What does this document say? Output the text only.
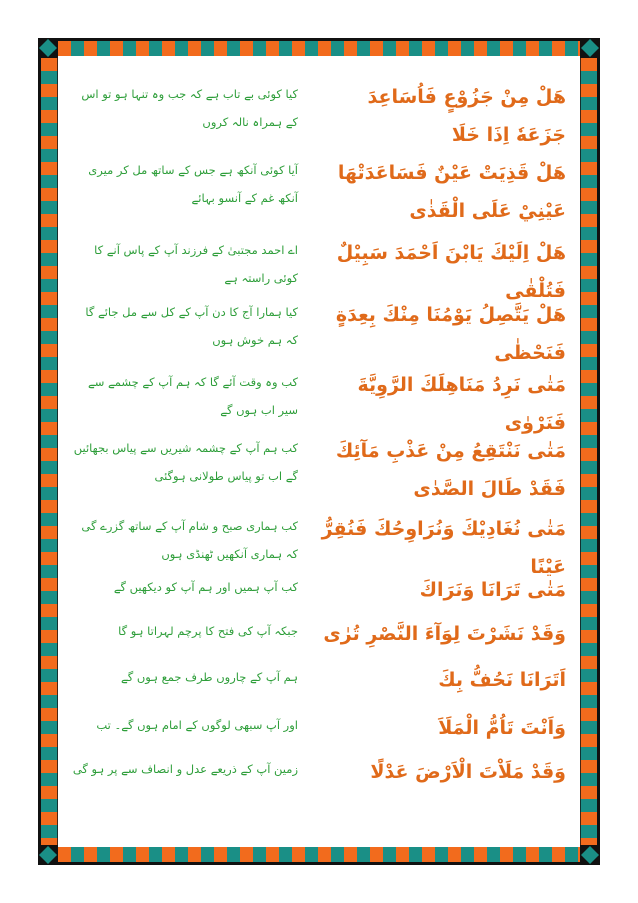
هَلْ مِنْ جَزُوْعٍ فَاُسَاعِدَ جَزَعَهٗ اِذَا خَلَا
کیا کوئی بے تاب ہے کہ جب وہ تنہا ہو تو اس کے ہمراہ نالہ کروں
هَلْ قَذِيَتْ عَيْنٌ فَسَاعَدَتْهَا عَيْنِيْ عَلَى الْقَذٰى
آیا کوئی آنکھ ہے جس کے ساتھ مل کر میری آنکھ غم کے آنسو بہائے
هَلْ اِلَيْكَ يَابْنَ اَحْمَدَ سَبِيْلٌ فَتُلْقٰى
اے احمد مجتبیٰ کے فرزند آپ کے پاس آنے کا کوئی راستہ ہے
هَلْ يَتَّصِلُ يَوْمُنَا مِنْكَ بِعِدَةٍ فَنَحْظٰى
کیا ہمارا آج کا دن آپ کے کل سے مل جائے گا کہ ہم خوش ہوں
مَتٰى نَرِدُ مَنَاهِلَكَ الرَّوِيَّةَ فَنَرْوٰى
کب وہ وقت آئے گا کہ ہم آپ کے چشمے سے سیر اب ہوں گے
مَتٰى نَنْتَقِعُ مِنْ عَذْبِ مَآئِكَ فَقَدْ طَالَ الصَّدٰى
کب ہم آپ کے چشمہ شیریں سے پیاس بجھائیں گے اب تو پیاس طولانی ہوگئی
مَتٰى نُغَادِيْكَ وَنُرَاوِحُكَ فَنُقِرُّ عَيْنًا
کب ہماری صبح و شام آپ کے ساتھ گزرے گی کہ ہماری آنکھیں ٹھنڈی ہوں
مَتٰى تَرَانَا وَنَرَاكَ
کب آپ ہمیں اور ہم آپ کو دیکھیں گے
وَقَدْ نَشَرْتَ لِوَآءَ النَّصْرِ تُرٰى
جبکہ آپ کی فتح کا پرچم لہراتا ہو گا
اَتَرَانَا نَحُفُّ بِكَ
ہم آپ کے چاروں طرف جمع ہوں گے
وَاَنْتَ تَاُمُّ الْمَلَاَ
اور آپ سبھی لوگوں کے امام ہوں گے۔ تب
وَقَدْ مَلَاْتَ الْاَرْضَ عَدْلًا
زمین آپ کے ذریعے عدل و انصاف سے پر ہو گی
